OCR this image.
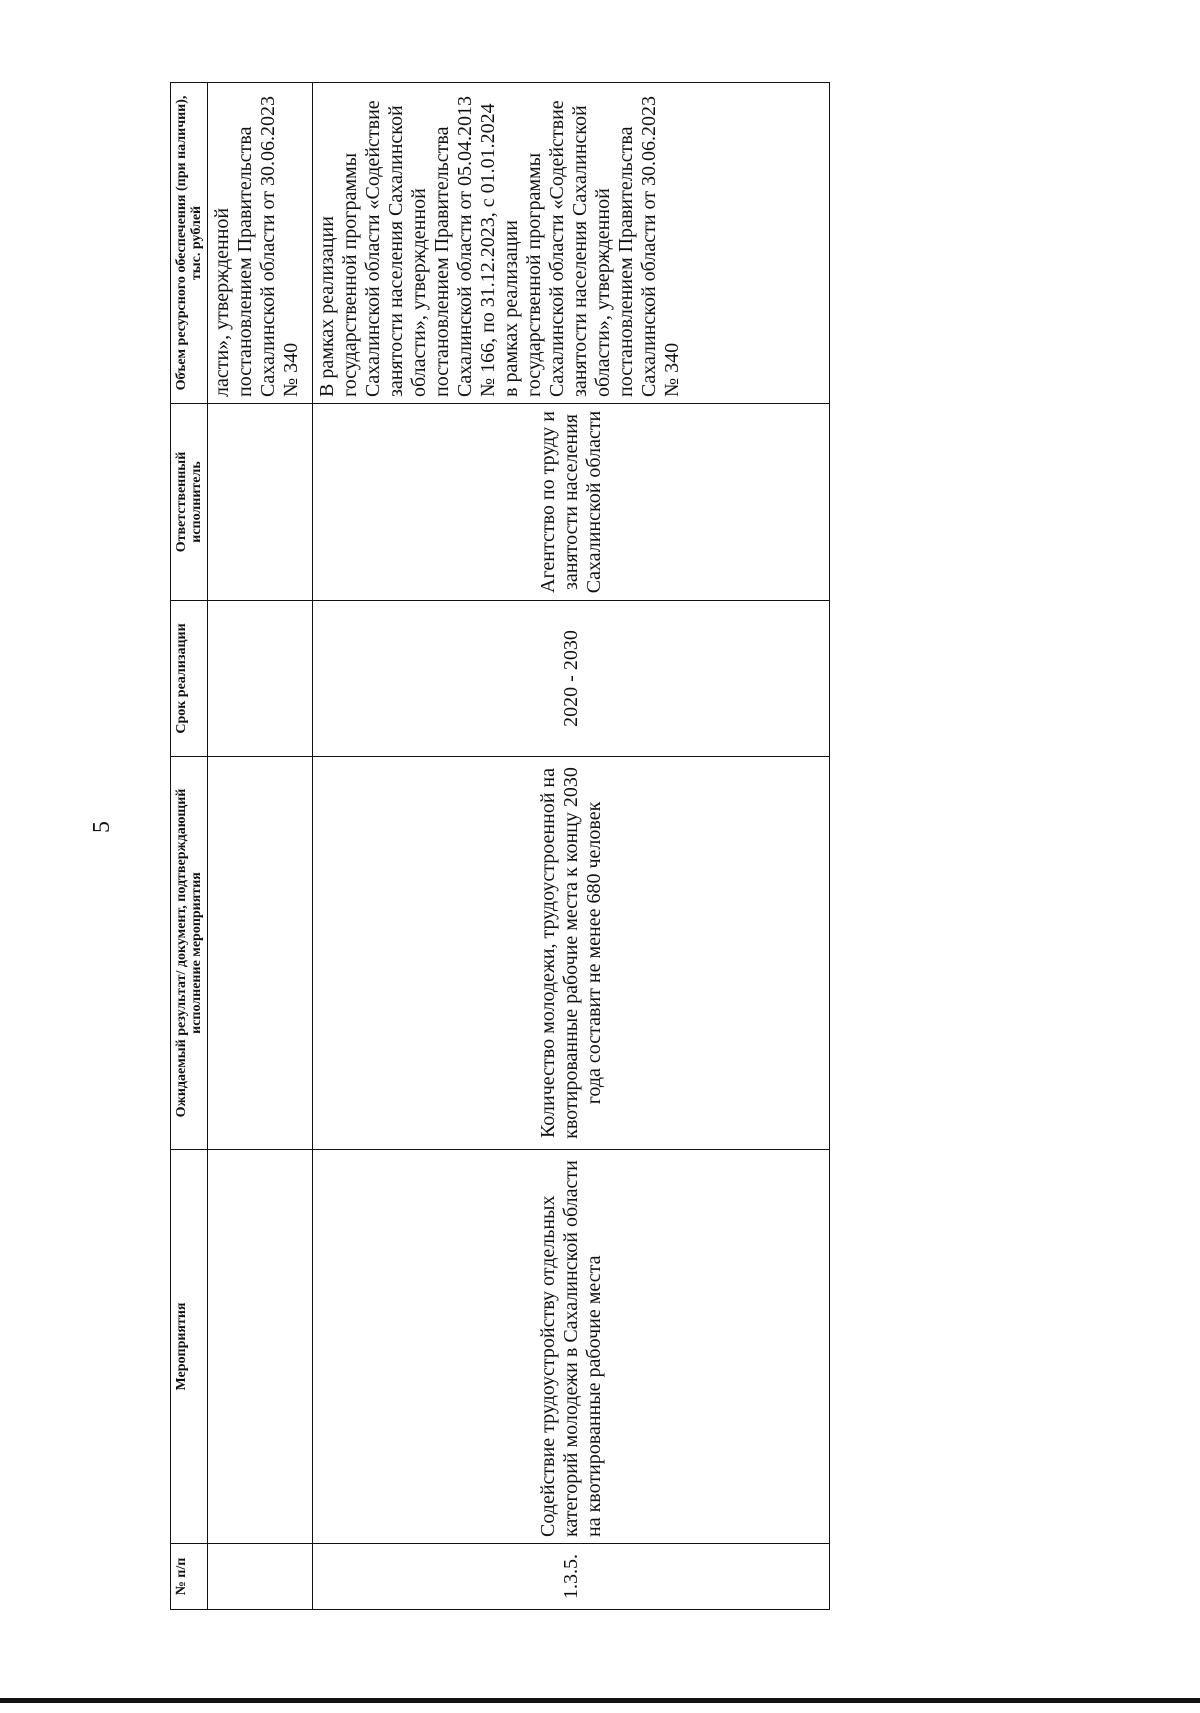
5
№ п/п	Мероприятия	Ожидаемый результат/ документ, подтверждающий исполнение мероприятия	Срок реализации	Ответственный исполнитель	Объем ресурсного обеспечения (при наличии), тыс. рублей
					ласти», утвержденной постановлением Правительства Сахалинской области от 30.06.2023 № 340
1.3.5.	Содействие трудоустройству отдельных категорий молодежи в Сахалинской области на квотированные рабочие места	Количество молодежи, трудоустроенной на квотированные рабочие места к концу 2030 года составит не менее 680 человек	2020 - 2030	Агентство по труду и занятости населения Сахалинской области	В рамках реализации государственной программы Сахалинской области «Содействие занятости населения Сахалинской области», утвержденной постановлением Правительства Сахалинской области от 05.04.2013 № 166, по 31.12.2023, с 01.01.2024 в рамках реализации государственной программы Сахалинской области «Содействие занятости населения Сахалинской области», утвержденной постановлением Правительства Сахалинской области от 30.06.2023 № 340
